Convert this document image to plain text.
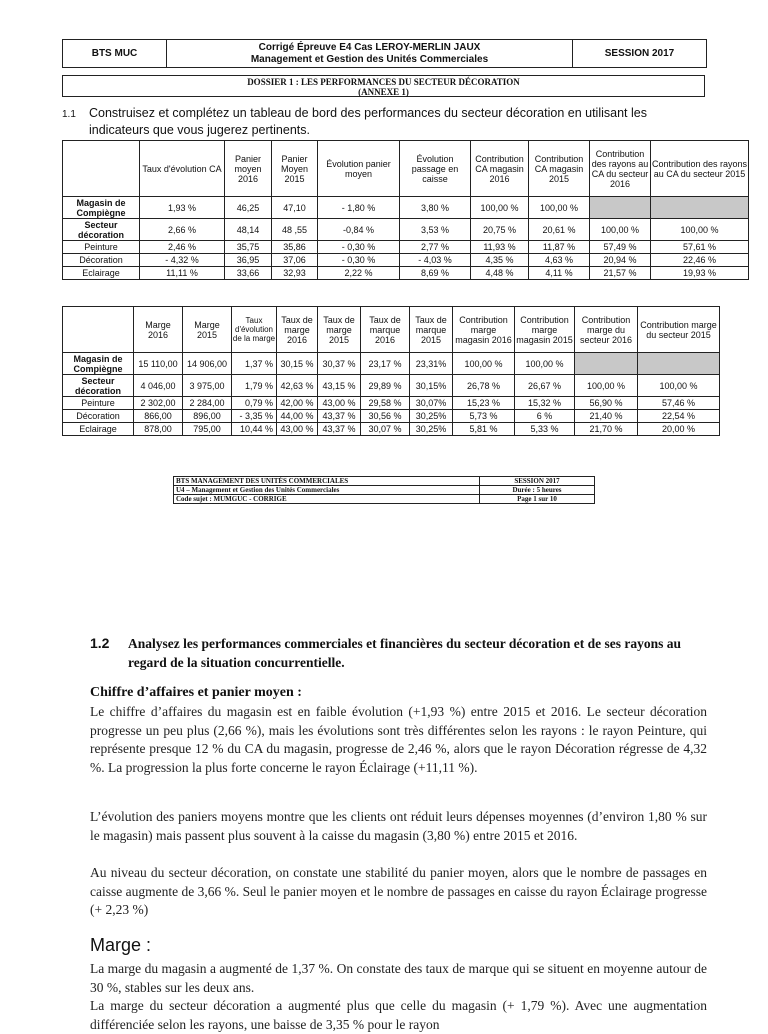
BTS MUC	
Corrigé Épreuve E4 Cas LEROY-MERLIN JAUX
Management et Gestion des Unités Commerciales
	SESSION 2017
DOSSIER 1 : LES PERFORMANCES DU SECTEUR DÉCORATION
(ANNEXE 1)
1.1 Construisez et complétez un tableau de bord des performances du secteur décoration en utilisant les indicateurs que vous jugerez pertinents.
	Taux d'évolution CA	Panier moyen 2016	Panier Moyen 2015	Évolution panier moyen	Évolution passage en caisse	Contribution CA magasin 2016	Contribution CA magasin 2015	Contribution des rayons au CA du secteur 2016	Contribution des rayons au CA du secteur 2015
Magasin de Compiègne	1,93 %	46,25	47,10	- 1,80 %	3,80 %	100,00 %	100,00 %		
Secteur décoration	2,66 %	48,14	48 ,55	-0,84 %	3,53 %	20,75 %	20,61 %	100,00 %	100,00 %
Peinture	2,46 %	35,75	35,86	- 0,30 %	2,77 %	11,93 %	11,87 %	57,49 %	57,61 %
Décoration	- 4,32 %	36,95	37,06	- 0,30 %	- 4,03 %	4,35 %	4,63 %	20,94 %	22,46 %
Eclairage	11,11 %	33,66	32,93	2,22 %	8,69 %	4,48 %	4,11 %	21,57 %	19,93 %
	Marge 2016	Marge 2015	Taux d'évolution de la marge	Taux de marge 2016	Taux de marge 2015	Taux de marque 2016	Taux de marque 2015	Contribution marge magasin 2016	Contribution marge magasin 2015	Contribution marge du secteur 2016	Contribution marge du secteur 2015
Magasin de Compiègne	15 110,00	14 906,00	1,37 %	30,15 %	30,37 %	23,17 %	23,31%	100,00 %	100,00 %		
Secteur décoration	4 046,00	3 975,00	1,79 %	42,63 %	43,15 %	29,89 %	30,15%	26,78 %	26,67 %	100,00 %	100,00 %
Peinture	2 302,00	2 284,00	0,79 %	42,00 %	43,00 %	29,58 %	30,07%	15,23 %	15,32 %	56,90 %	57,46 %
Décoration	866,00	896,00	- 3,35 %	44,00 %	43,37 %	30,56 %	30,25%	5,73 %	6 %	21,40 %	22,54 %
Eclairage	878,00	795,00	10,44 %	43,00 %	43,37 %	30,07 %	30,25%	5,81 %	5,33 %	21,70 %	20,00 %
BTS MANAGEMENT DES UNITÉS COMMERCIALES	SESSION 2017
U4 – Management et Gestion des Unités Commerciales	Durée : 5 heures
Code sujet : MUMGUC - CORRIGE	Page 1 sur 10
1.2 Analysez les performances commerciales et financières du secteur décoration et de ses rayons au regard de la situation concurrentielle.
Chiffre d’affaires et panier moyen :
Le chiffre d’affaires du magasin est en faible évolution (+1,93 %) entre 2015 et 2016. Le secteur décoration progresse un peu plus (2,66 %), mais les évolutions sont très différentes selon les rayons : le rayon Peinture, qui représente presque 12 % du CA du magasin, progresse de 2,46 %, alors que le rayon Décoration régresse de 4,32 %. La progression la plus forte concerne le rayon Éclairage (+11,11 %).
L’évolution des paniers moyens montre que les clients ont réduit leurs dépenses moyennes (d’environ 1,80 % sur le magasin) mais passent plus souvent à la caisse du magasin (3,80 %) entre 2015 et 2016.
Au niveau du secteur décoration, on constate une stabilité du panier moyen, alors que le nombre de passages en caisse augmente de 3,66 %. Seul le panier moyen et le nombre de passages en caisse du rayon Éclairage progresse (+ 2,23 %)
Marge :
La marge du magasin a augmenté de 1,37 %. On constate des taux de marque qui se situent en moyenne autour de 30 %, stables sur les deux ans.
La marge du secteur décoration a augmenté plus que celle du magasin (+ 1,79 %). Avec une augmentation différenciée selon les rayons, une baisse de 3,35 % pour le rayon
